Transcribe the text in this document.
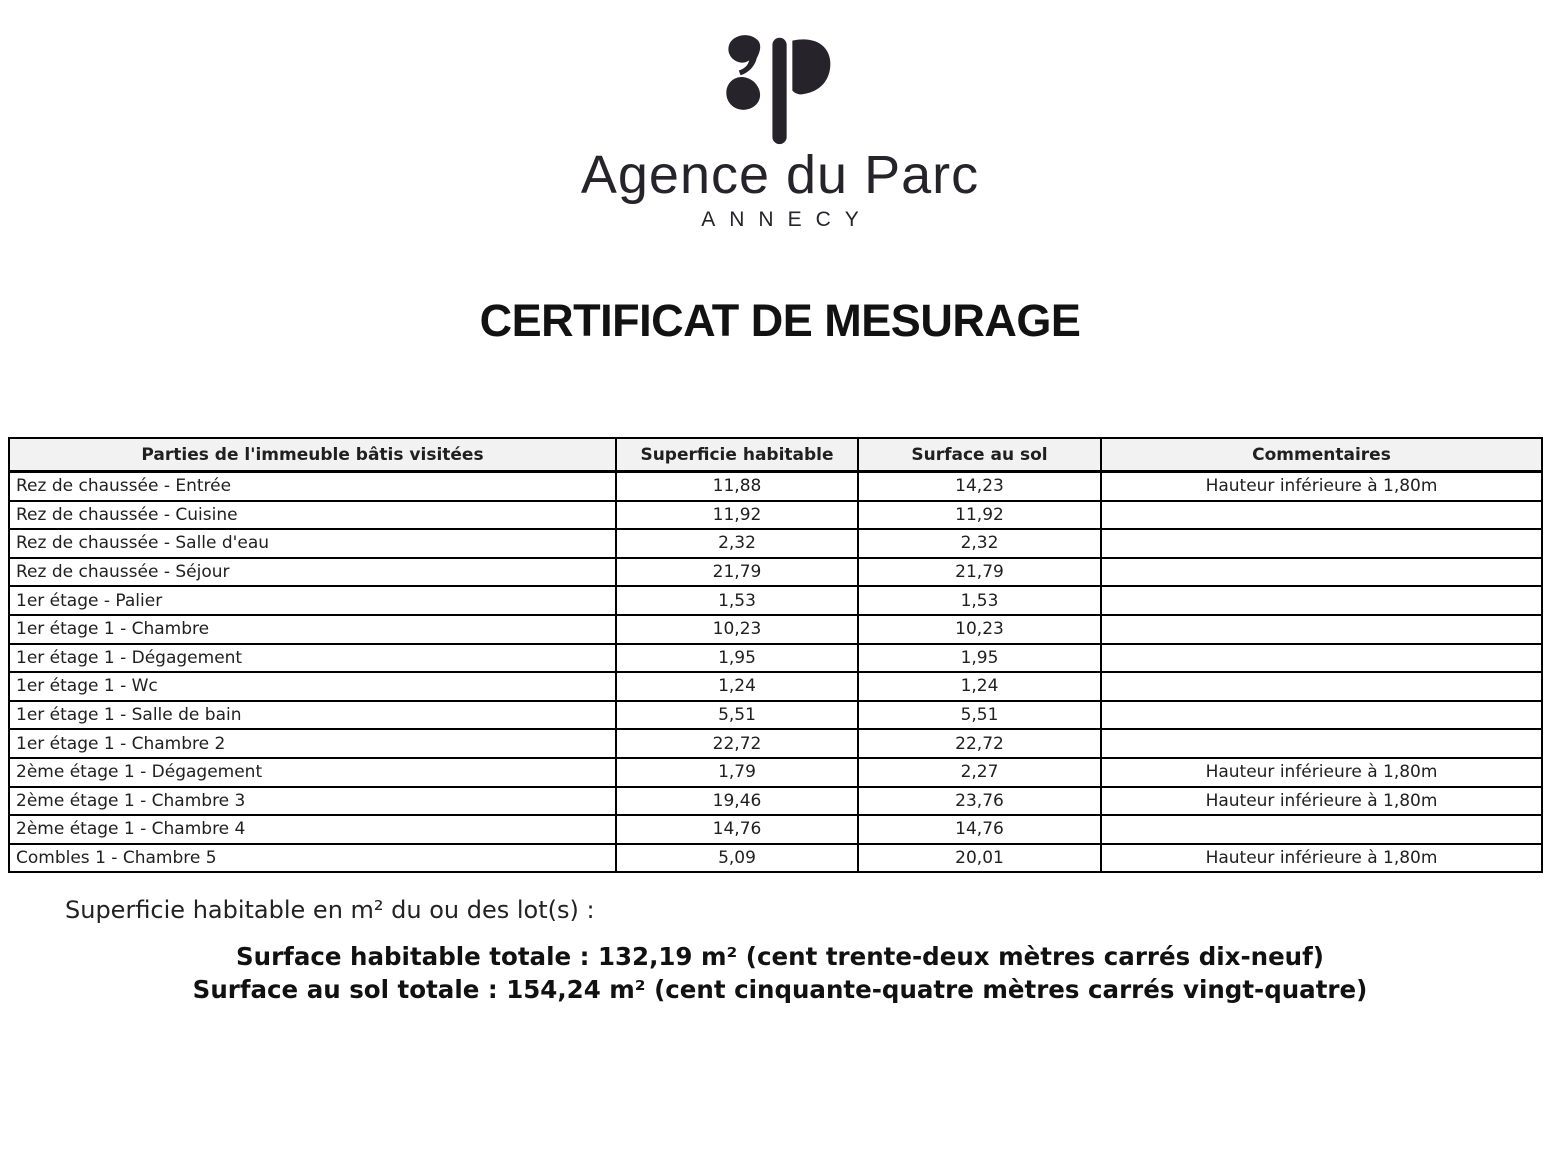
Agence du Parc
ANNECY
CERTIFICAT DE MESURAGE
Parties de l'immeuble bâtis visitées	Superficie habitable	Surface au sol	Commentaires
Rez de chaussée - Entrée	11,88	14,23	Hauteur inférieure à 1,80m
Rez de chaussée - Cuisine	11,92	11,92	
Rez de chaussée - Salle d'eau	2,32	2,32	
Rez de chaussée - Séjour	21,79	21,79	
1er étage - Palier	1,53	1,53	
1er étage 1 - Chambre	10,23	10,23	
1er étage 1 - Dégagement	1,95	1,95	
1er étage 1 - Wc	1,24	1,24	
1er étage 1 - Salle de bain	5,51	5,51	
1er étage 1 - Chambre 2	22,72	22,72	
2ème étage 1 - Dégagement	1,79	2,27	Hauteur inférieure à 1,80m
2ème étage 1 - Chambre 3	19,46	23,76	Hauteur inférieure à 1,80m
2ème étage 1 - Chambre 4	14,76	14,76	
Combles 1 - Chambre 5	5,09	20,01	Hauteur inférieure à 1,80m
Superficie habitable en m² du ou des lot(s) :
Surface habitable totale : 132,19 m² (cent trente-deux mètres carrés dix-neuf)
Surface au sol totale : 154,24 m² (cent cinquante-quatre mètres carrés vingt-quatre)
